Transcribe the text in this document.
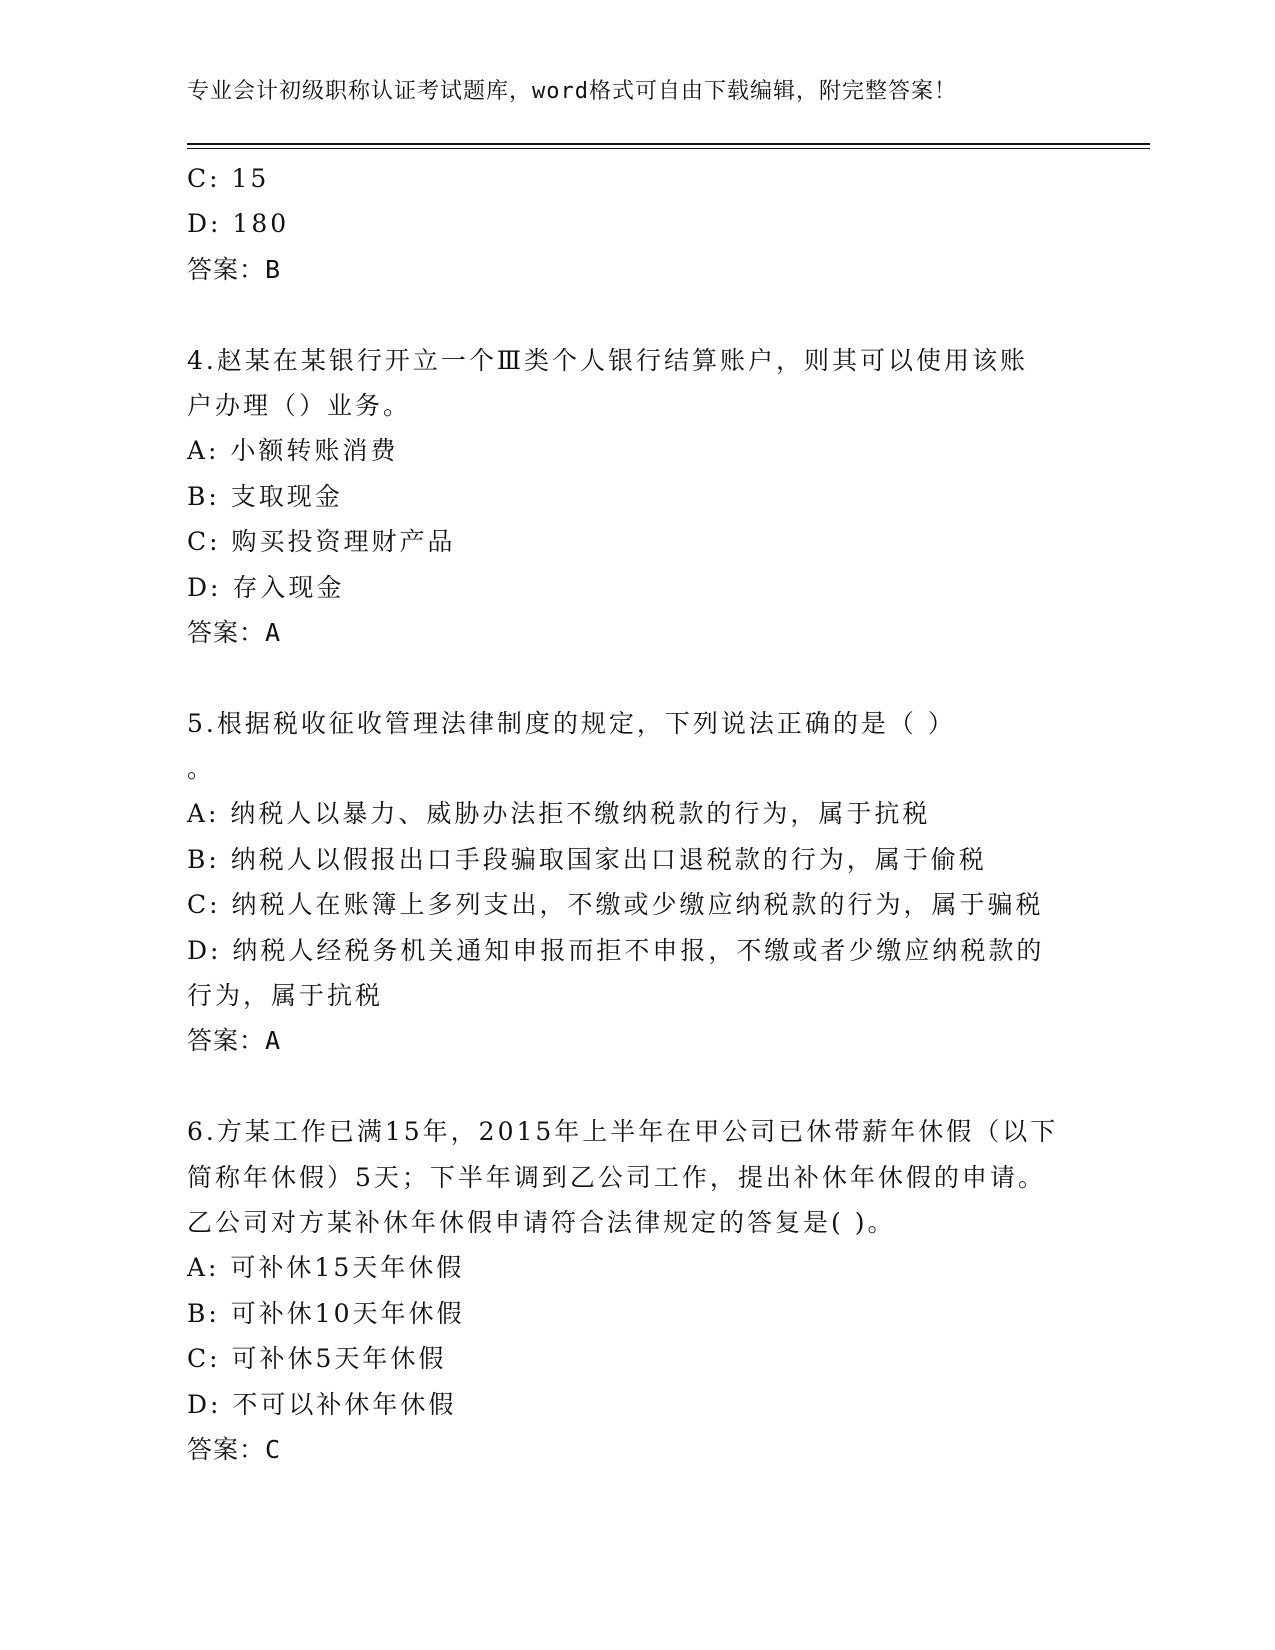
专业会计初级职称认证考试题库，word格式可自由下载编辑，附完整答案！
C: 15
D: 180
答案：B
4.赵某在某银行开立一个Ⅲ类个人银行结算账户，则其可以使用该账
户办理（）业务。
A: 小额转账消费
B: 支取现金
C: 购买投资理财产品
D: 存入现金
答案：A
5.根据税收征收管理法律制度的规定，下列说法正确的是（ ）
。
A: 纳税人以暴力、威胁办法拒不缴纳税款的行为，属于抗税
B: 纳税人以假报出口手段骗取国家出口退税款的行为，属于偷税
C: 纳税人在账簿上多列支出，不缴或少缴应纳税款的行为，属于骗税
D: 纳税人经税务机关通知申报而拒不申报，不缴或者少缴应纳税款的
行为，属于抗税
答案：A
6.方某工作已满15年，2015年上半年在甲公司已休带薪年休假（以下
简称年休假）5天；下半年调到乙公司工作，提出补休年休假的申请。
乙公司对方某补休年休假申请符合法律规定的答复是( )。
A: 可补休15天年休假
B: 可补休10天年休假
C: 可补休5天年休假
D: 不可以补休年休假
答案：C
